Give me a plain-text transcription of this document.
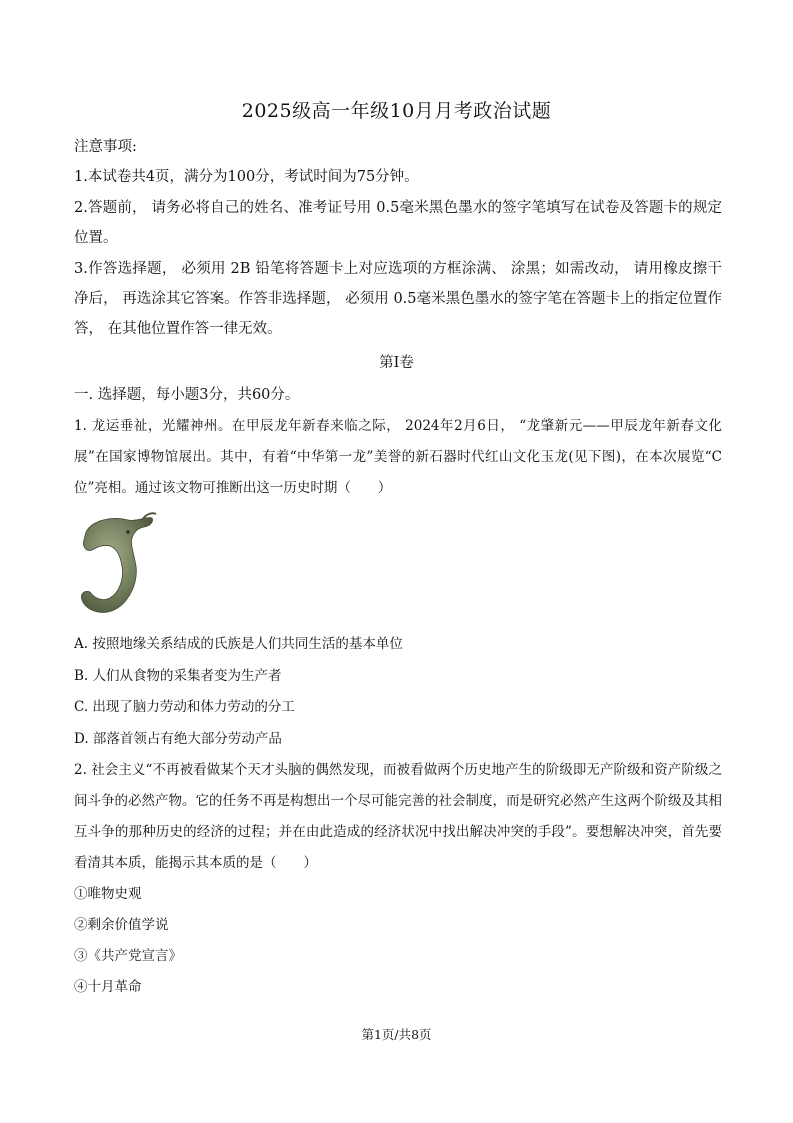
2025级高一年级10月月考政治试题
注意事项:
1.本试卷共4页，满分为100分，考试时间为75分钟。
2.答题前， 请务必将自己的姓名、准考证号用 0.5毫米黑色墨水的签字笔填写在试卷及答题卡的规定位置。
3.作答选择题， 必须用 2B 铅笔将答题卡上对应选项的方框涂满、 涂黑；如需改动， 请用橡皮擦干净后， 再选涂其它答案。作答非选择题， 必须用 0.5毫米黑色墨水的签字笔在答题卡上的指定位置作答， 在其他位置作答一律无效。
第Ⅰ卷
一. 选择题，每小题3分，共60分。
1. 龙运垂祉，光耀神州。在甲辰龙年新春来临之际， 2024年2月6日， “龙肇新元——甲辰龙年新春文化展”在国家博物馆展出。其中，有着“中华第一龙”美誉的新石器时代红山文化玉龙(见下图)，在本次展览“C位”亮相。通过该文物可推断出这一历史时期（　　）
A. 按照地缘关系结成的氏族是人们共同生活的基本单位
B. 人们从食物的采集者变为生产者
C. 出现了脑力劳动和体力劳动的分工
D. 部落首领占有绝大部分劳动产品
2. 社会主义“不再被看做某个天才头脑的偶然发现，而被看做两个历史地产生的阶级即无产阶级和资产阶级之间斗争的必然产物。它的任务不再是构想出一个尽可能完善的社会制度，而是研究必然产生这两个阶级及其相互斗争的那种历史的经济的过程；并在由此造成的经济状况中找出解决冲突的手段”。要想解决冲突，首先要看清其本质，能揭示其本质的是（　　）
①唯物史观
②剩余价值学说
③《共产党宣言》
④十月革命
第1页/共8页
